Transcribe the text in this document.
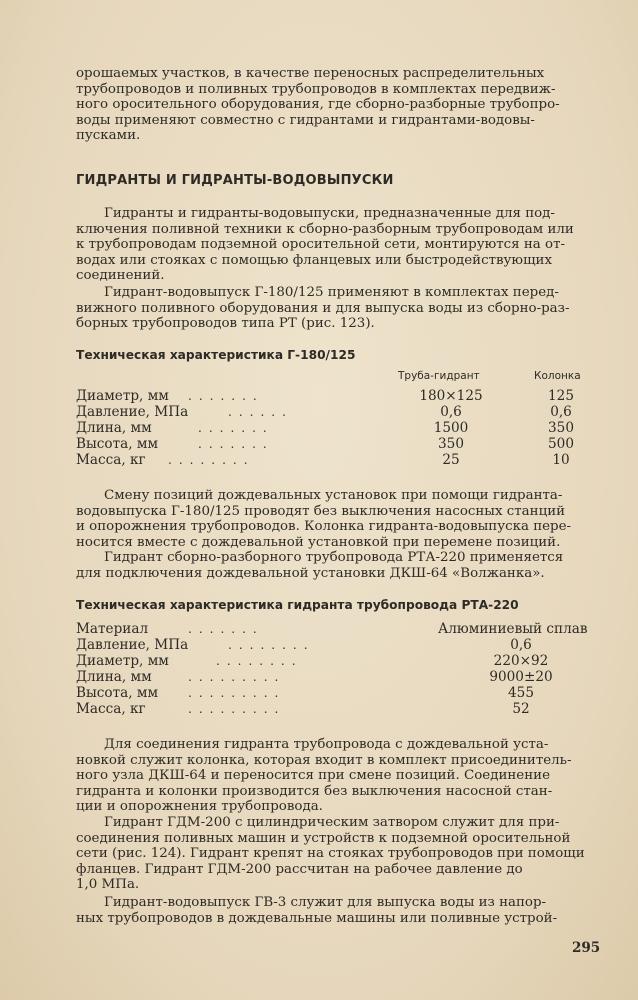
орошаемых участков, в качестве переносных распределительных
трубопроводов и поливных трубопроводов в комплектах передвиж-
ного оросительного оборудования, где сборно-разборные трубопро-
воды применяют совместно с гидрантами и гидрантами-водовы-
пусками.
ГИДРАНТЫ И ГИДРАНТЫ-ВОДОВЫПУСКИ
Гидранты и гидранты-водовыпуски, предназначенные для под-
ключения поливной техники к сборно-разборным трубопроводам или
к трубопроводам подземной оросительной сети, монтируются на от-
водах или стояках с помощью фланцевых или быстродействующих
соединений.
Гидрант-водовыпуск Г-180/125 применяют в комплектах перед-
вижного поливного оборудования и для выпуска воды из сборно-раз-
борных трубопроводов типа РТ (рис. 123).
Техническая характеристика Г-180/125
Труба-гидрант	Колонка
Диаметр, мм .......	180×125	125
Давление, МПа	......	0,6	0,6
Длина, мм	.......	1500	350
Высота, мм	.......	350	500
Масса, кг ........	25	10
Смену позиций дождевальных установок при помощи гидранта-
водовыпуска Г-180/125 проводят без выключения насосных станций
и опорожнения трубопроводов. Колонка гидранта-водовыпуска пере-
носится вместе с дождевальной установкой при перемене позиций.
Гидрант сборно-разборного трубопровода РТА-220 применяется
для подключения дождевальной установки ДКШ-64 «Волжанка».
Техническая характеристика гидранта трубопровода РТА-220
Материал	.......	Алюминиевый сплав
Давление, МПа	........	0,6
Диаметр, мм	........	220×92
Длина, мм	.........	9000±20
Высота, мм .........	455
Масса, кг	.........	52
Для соединения гидранта трубопровода с дождевальной уста-
новкой служит колонка, которая входит в комплект присоединитель-
ного узла ДКШ-64 и переносится при смене позиций. Соединение
гидранта и колонки производится без выключения насосной стан-
ции и опорожнения трубопровода.
Гидрант ГДМ-200 с цилиндрическим затвором служит для при-
соединения поливных машин и устройств к подземной оросительной
сети (рис. 124). Гидрант крепят на стояках трубопроводов при помощи
фланцев. Гидрант ГДМ-200 рассчитан на рабочее давление до
1,0 МПа.
Гидрант-водовыпуск ГВ-3 служит для выпуска воды из напор-
ных трубопроводов в дождевальные машины или поливные устрой-
295
